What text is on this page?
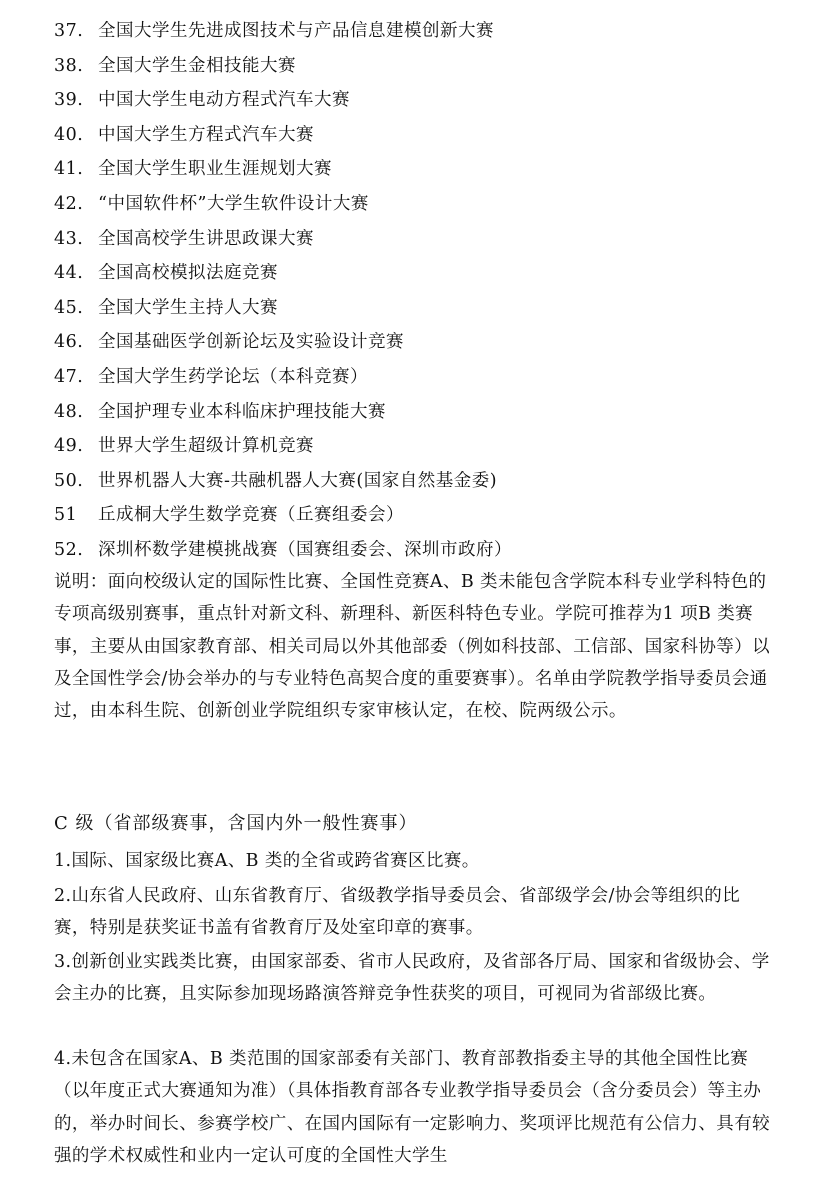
37. 全国大学生先进成图技术与产品信息建模创新大赛
38. 全国大学生金相技能大赛
39. 中国大学生电动方程式汽车大赛
40. 中国大学生方程式汽车大赛
41. 全国大学生职业生涯规划大赛
42. “中国软件杯”大学生软件设计大赛
43. 全国高校学生讲思政课大赛
44. 全国高校模拟法庭竞赛
45. 全国大学生主持人大赛
46. 全国基础医学创新论坛及实验设计竞赛
47. 全国大学生药学论坛（本科竞赛）
48. 全国护理专业本科临床护理技能大赛
49. 世界大学生超级计算机竞赛
50. 世界机器人大赛-共融机器人大赛(国家自然基金委)
51 丘成桐大学生数学竞赛（丘赛组委会）
52. 深圳杯数学建模挑战赛（国赛组委会、深圳市政府）

说明：面向校级认定的国际性比赛、全国性竞赛A、B 类未能包含学院本科专业学科特色的专项高级别赛事，重点针对新文科、新理科、新医科特色专业。学院可推荐为1 项B 类赛事，主要从由国家教育部、相关司局以外其他部委（例如科技部、工信部、国家科协等）以及全国性学会/协会举办的与专业特色高契合度的重要赛事）。名单由学院教学指导委员会通过，由本科生院、创新创业学院组织专家审核认定，在校、院两级公示。

C 级（省部级赛事，含国内外一般性赛事）

1.国际、国家级比赛A、B 类的全省或跨省赛区比赛。

2.山东省人民政府、山东省教育厅、省级教学指导委员会、省部级学会/协会等组织的比赛，特别是获奖证书盖有省教育厅及处室印章的赛事。

3.创新创业实践类比赛，由国家部委、省市人民政府，及省部各厅局、国家和省级协会、学会主办的比赛，且实际参加现场路演答辩竞争性获奖的项目，可视同为省部级比赛。

4.未包含在国家A、B 类范围的国家部委有关部门、教育部教指委主导的其他全国性比赛（以年度正式大赛通知为准）（具体指教育部各专业教学指导委员会（含分委员会）等主办的，举办时间长、参赛学校广、在国内国际有一定影响力、奖项评比规范有公信力、具有较强的学术权威性和业内一定认可度的全国性大学生
